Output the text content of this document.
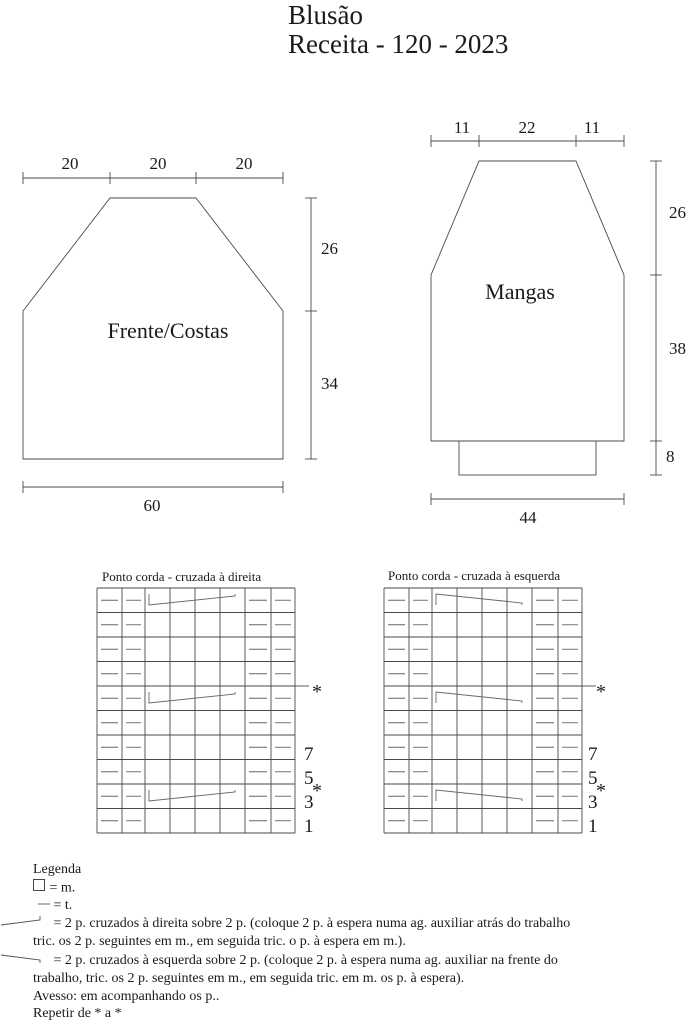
Blusão
Receita - 120 - 2023
20	20	20
26
34
60
Frente/Costas
11	22	11
26
38
8
44
Mangas
Ponto corda - cruzada à direita	Ponto corda - cruzada à esquerda
7
5
3
1
*
*
7
5
3
1
*
*
Legenda
= m.
= t.
= 2 p. cruzados à direita sobre 2 p. (coloque 2 p. à espera numa ag. auxiliar atrás do trabalho
tric. os 2 p. seguintes em m., em seguida tric. o p. à espera em m.).
= 2 p. cruzados à esquerda sobre 2 p. (coloque 2 p. à espera numa ag. auxiliar na frente do
trabalho, tric. os 2 p. seguintes em m., em seguida tric. em m. os p. à espera).
Avesso: em acompanhando os p..
Repetir de * a *
